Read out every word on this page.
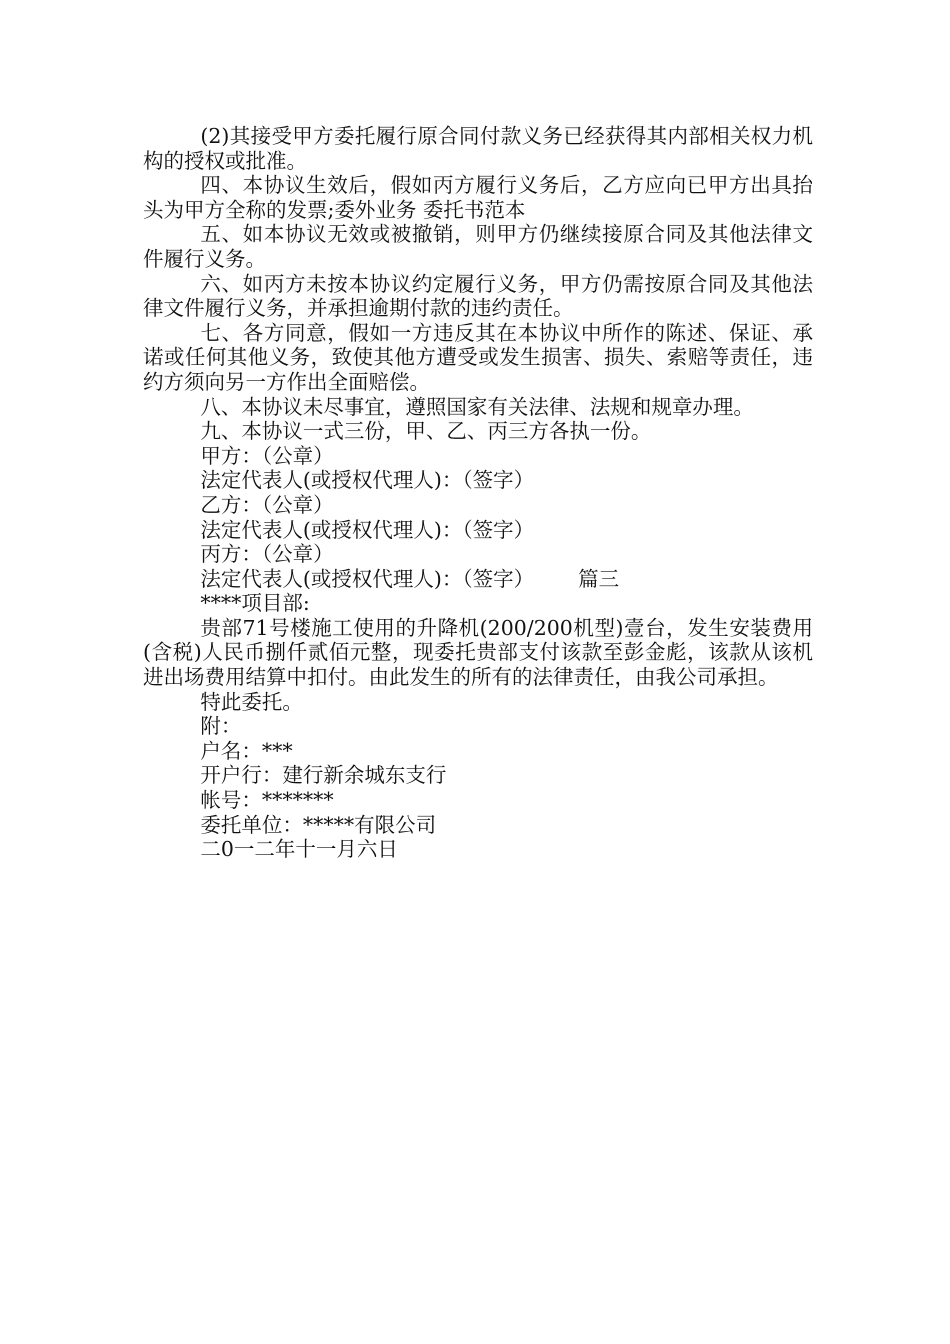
(2)其接受甲方委托履行原合同付款义务已经获得其内部相关权力机构的授权或批准。

四、本协议生效后，假如丙方履行义务后，乙方应向已甲方出具抬头为甲方全称的发票;委外业务 委托书范本

五、如本协议无效或被撤销，则甲方仍继续接原合同及其他法律文件履行义务。

六、如丙方未按本协议约定履行义务，甲方仍需按原合同及其他法律文件履行义务，并承担逾期付款的违约责任。

七、各方同意，假如一方违反其在本协议中所作的陈述、保证、承诺或任何其他义务，致使其他方遭受或发生损害、损失、索赔等责任，违约方须向另一方作出全面赔偿。

八、本协议未尽事宜，遵照国家有关法律、法规和规章办理。

九、本协议一式三份，甲、乙、丙三方各执一份。

甲方：（公章）

法定代表人(或授权代理人)：（签字）

乙方：（公章）

法定代表人(或授权代理人)：（签字）

丙方：（公章）

法定代表人(或授权代理人)：（签字） 篇三

****项目部:

贵部71号楼施工使用的升降机(200/200机型)壹台，发生安装费用(含税)人民币捌仟贰佰元整，现委托贵部支付该款至彭金彪，该款从该机进出场费用结算中扣付。由此发生的所有的法律责任，由我公司承担。

特此委托。

附：

户名：***

开户行：建行新余城东支行

帐号：*******

委托单位：*****有限公司

二0一二年十一月六日
